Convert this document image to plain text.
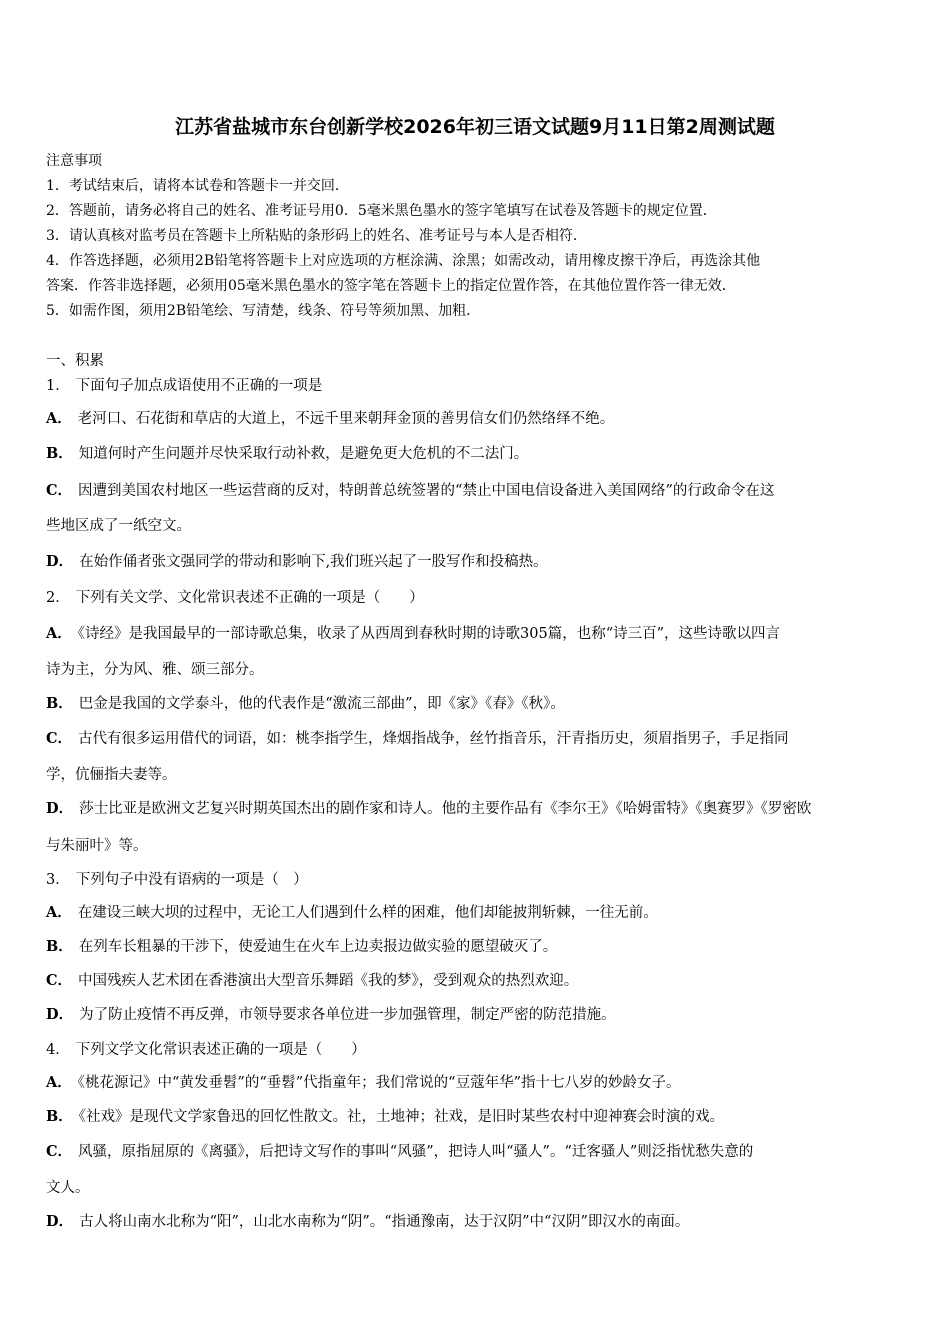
江苏省盐城市东台创新学校2026年初三语文试题9月11日第2周测试题
注意事项
1．考试结束后，请将本试卷和答题卡一并交回．
2．答题前，请务必将自己的姓名、准考证号用0．5毫米黑色墨水的签字笔填写在试卷及答题卡的规定位置．
3．请认真核对监考员在答题卡上所粘贴的条形码上的姓名、准考证号与本人是否相符．
4．作答选择题，必须用2B铅笔将答题卡上对应选项的方框涂满、涂黑；如需改动，请用橡皮擦干净后，再选涂其他
答案．作答非选择题，必须用05毫米黑色墨水的签字笔在答题卡上的指定位置作答，在其他位置作答一律无效．
5．如需作图，须用2B铅笔绘、写清楚，线条、符号等须加黑、加粗．
一、积累
1． 下面句子加点成语使用不正确的一项是
A． 老河口、石花街和草店的大道上，不远千里来朝拜金顶的善男信女们仍然络绎不绝。
B． 知道何时产生问题并尽快采取行动补救，是避免更大危机的不二法门。
C． 因遭到美国农村地区一些运营商的反对，特朗普总统签署的“禁止中国电信设备进入美国网络”的行政命令在这
些地区成了一纸空文。
D． 在始作俑者张文强同学的带动和影响下,我们班兴起了一股写作和投稿热。
2． 下列有关文学、文化常识表述不正确的一项是（　　）
A． 《诗经》是我国最早的一部诗歌总集，收录了从西周到春秋时期的诗歌305篇，也称“诗三百”，这些诗歌以四言
诗为主，分为风、雅、颂三部分。
B． 巴金是我国的文学泰斗，他的代表作是“激流三部曲”，即《家》《春》《秋》。
C． 古代有很多运用借代的词语，如：桃李指学生，烽烟指战争，丝竹指音乐，汗青指历史，须眉指男子，手足指同
学，伉俪指夫妻等。
D． 莎士比亚是欧洲文艺复兴时期英国杰出的剧作家和诗人。他的主要作品有《李尔王》《哈姆雷特》《奥赛罗》《罗密欧
与朱丽叶》等。
3． 下列句子中没有语病的一项是（　）
A． 在建设三峡大坝的过程中，无论工人们遇到什么样的困难，他们却能披荆斩棘，一往无前。
B． 在列车长粗暴的干涉下，使爱迪生在火车上边卖报边做实验的愿望破灭了。
C． 中国残疾人艺术团在香港演出大型音乐舞蹈《我的梦》，受到观众的热烈欢迎。
D． 为了防止疫情不再反弹，市领导要求各单位进一步加强管理，制定严密的防范措施。
4． 下列文学文化常识表述正确的一项是（　　）
A． 《桃花源记》中“黄发垂髫”的“垂髫”代指童年；我们常说的“豆蔻年华”指十七八岁的妙龄女子。
B． 《社戏》是现代文学家鲁迅的回忆性散文。社，土地神；社戏，是旧时某些农村中迎神赛会时演的戏。
C． 风骚，原指屈原的《离骚》，后把诗文写作的事叫“风骚”，把诗人叫“骚人”。“迁客骚人”则泛指忧愁失意的
文人。
D． 古人将山南水北称为“阳”，山北水南称为“阴”。“指通豫南，达于汉阴”中“汉阴”即汉水的南面。
